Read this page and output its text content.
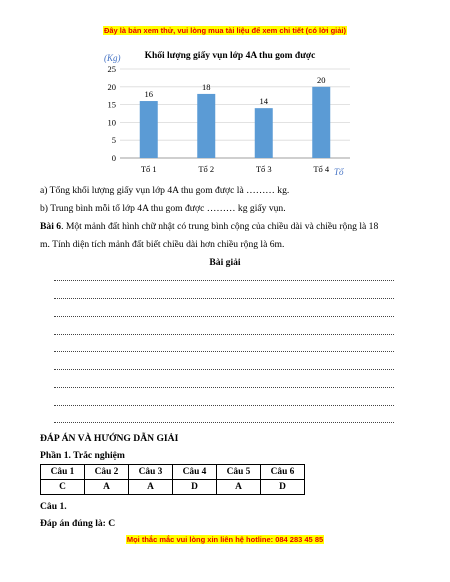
Đây là bản xem thử, vui lòng mua tài liệu để xem chi tiết (có lời giải)
Khối lượng giấy vụn lớp 4A thu gom được
(Kg)
Tổ
0
5
10
15
20
25
16
Tổ 1
18
Tổ 2
14
Tổ 3
20
Tổ 4
a) Tổng khối lượng giấy vụn lớp 4A thu gom được là ……… kg.
b) Trung bình mỗi tổ lớp 4A thu gom được ……… kg giấy vụn.
Bài 6. Một mảnh đất hình chữ nhật có trung bình cộng của chiều dài và chiều rộng là 18
m. Tính diện tích mảnh đất biết chiều dài hơn chiều rộng là 6m.
Bài giải
ĐÁP ÁN VÀ HƯỚNG DẪN GIẢI
Phần 1. Trắc nghiệm
Câu 1	Câu 2	Câu 3	Câu 4	Câu 5	Câu 6
C	A	A	D	A	D
Câu 1.
Đáp án đúng là: C
Mọi thắc mắc vui lòng xin liên hệ hotline: 084 283 45 85
